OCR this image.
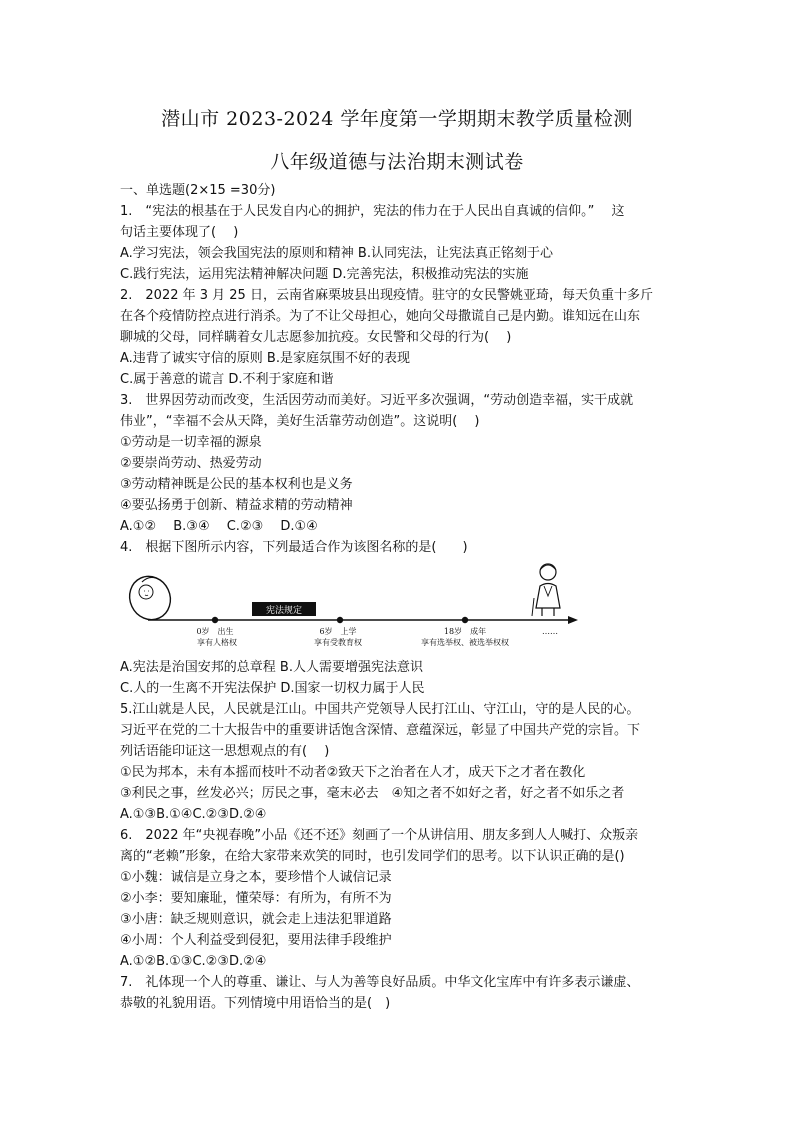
潜山市 2023-2024 学年度第一学期期末教学质量检测
八年级道德与法治期末测试卷
一、单选题(2×15 =30分)
1.　“宪法的根基在于人民发自内心的拥护，宪法的伟力在于人民出自真诚的信仰。”　 这
句话主要体现了(　 )
A.学习宪法，领会我国宪法的原则和精神 B.认同宪法，让宪法真正铭刻于心
C.践行宪法，运用宪法精神解决问题 D.完善宪法，积极推动宪法的实施
2.　2022 年 3 月 25 日，云南省麻栗坡县出现疫情。驻守的女民警姚亚琦，每天负重十多斤
在各个疫情防控点进行消杀。为了不让父母担心，她向父母撒谎自己是内勤。谁知远在山东
聊城的父母，同样瞒着女儿志愿参加抗疫。女民警和父母的行为(　 )
A.违背了诚实守信的原则 B.是家庭氛围不好的表现
C.属于善意的谎言 D.不利于家庭和谐
3.　世界因劳动而改变，生活因劳动而美好。习近平多次强调，“劳动创造幸福，实干成就
伟业”，“幸福不会从天降，美好生活靠劳动创造”。这说明(　 )
①劳动是一切幸福的源泉
②要崇尚劳动、热爱劳动
③劳动精神既是公民的基本权利也是义务
④要弘扬勇于创新、精益求精的劳动精神
A.①②　 B.③④　 C.②③　 D.①④
4.　根据下图所示内容，下列最适合作为该图名称的是(　　)
宪法规定
0岁　出生
享有人格权
6岁　上学
享有受教育权
18岁　成年
享有选举权、被选举权权
……
A.宪法是治国安邦的总章程 B.人人需要增强宪法意识
C.人的一生离不开宪法保护 D.国家一切权力属于人民
5.江山就是人民，人民就是江山。中国共产党领导人民打江山、守江山，守的是人民的心。
习近平在党的二十大报告中的重要讲话饱含深情、意蕴深远，彰显了中国共产党的宗旨。下
列话语能印证这一思想观点的有(　 )
①民为邦本，未有本摇而枝叶不动者②致天下之治者在人才，成天下之才者在教化
③利民之事，丝发必兴；厉民之事，毫末必去　④知之者不如好之者，好之者不如乐之者
A.①③B.①④C.②③D.②④
6.　2022 年“央视春晚”小品《还不还》刻画了一个从讲信用、朋友多到人人喊打、众叛亲
离的“老赖”形象，在给大家带来欢笑的同时，也引发同学们的思考。以下认识正确的是()
①小魏：诚信是立身之本，要珍惜个人诚信记录
②小李：要知廉耻，懂荣辱：有所为，有所不为
③小唐：缺乏规则意识，就会走上违法犯罪道路
④小周：个人利益受到侵犯，要用法律手段维护
A.①②B.①③C.②③D.②④
7.　礼体现一个人的尊重、谦让、与人为善等良好品质。中华文化宝库中有许多表示谦虚、
恭敬的礼貌用语。下列情境中用语恰当的是(　)
